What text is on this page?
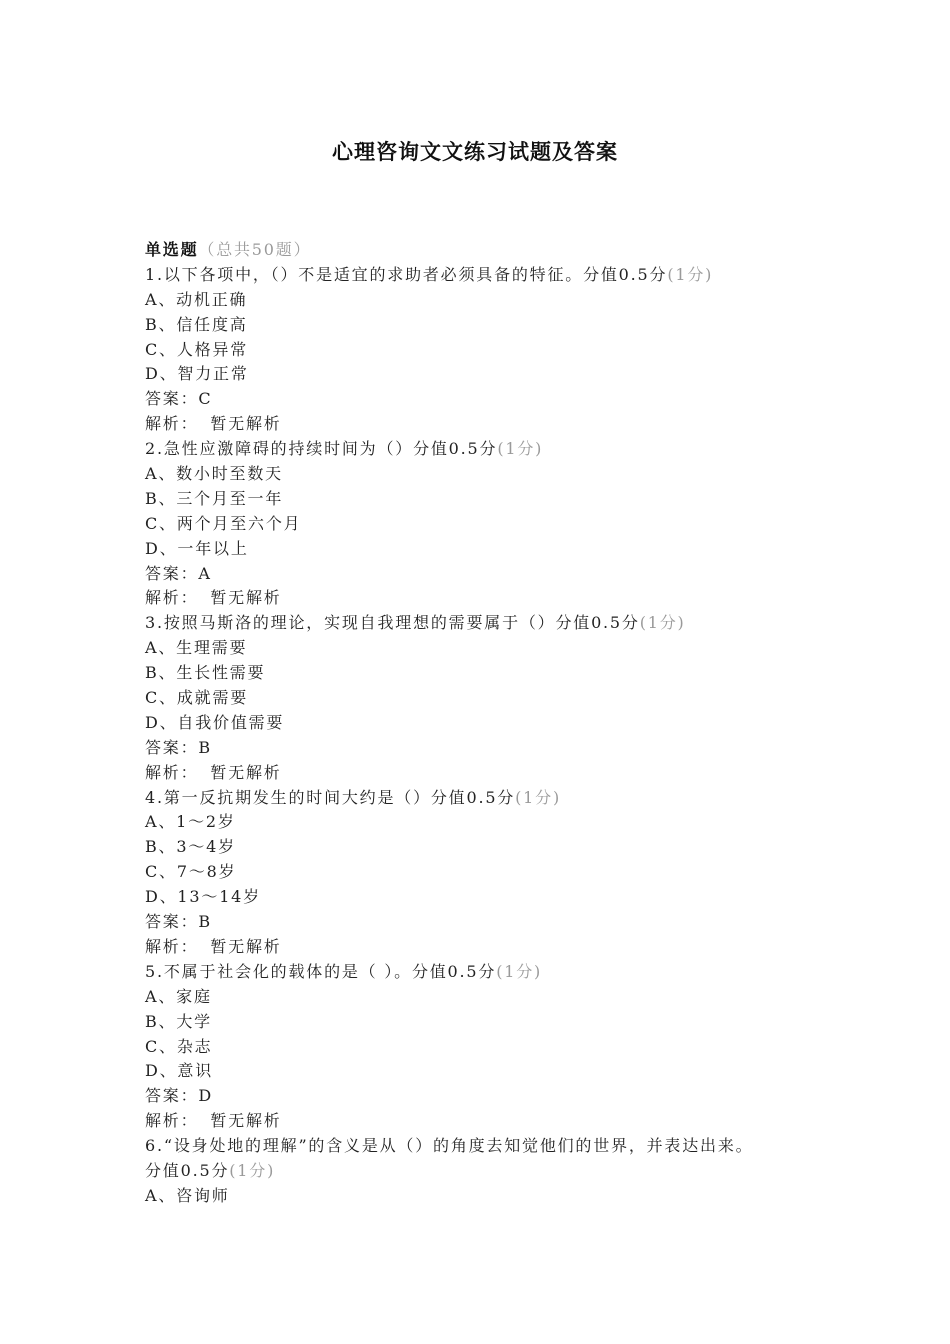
心理咨询文文练习试题及答案
单选题（总共50题）
1.以下各项中，（）不是适宜的求助者必须具备的特征。分值0.5分(1分)
A、动机正确
B、信任度高
C、人格异常
D、智力正常
答案：C
解析： 暂无解析
2.急性应激障碍的持续时间为（）分值0.5分(1分)
A、数小时至数天
B、三个月至一年
C、两个月至六个月
D、一年以上
答案：A
解析： 暂无解析
3.按照马斯洛的理论，实现自我理想的需要属于（）分值0.5分(1分)
A、生理需要
B、生长性需要
C、成就需要
D、自我价值需要
答案：B
解析： 暂无解析
4.第一反抗期发生的时间大约是（）分值0.5分(1分)
A、1～2岁
B、3～4岁
C、7～8岁
D、13～14岁
答案：B
解析： 暂无解析
5.不属于社会化的载体的是（ ）。分值0.5分(1分)
A、家庭
B、大学
C、杂志
D、意识
答案：D
解析： 暂无解析
6.“设身处地的理解”的含义是从（）的角度去知觉他们的世界，并表达出来。
分值0.5分(1分)
A、咨询师
